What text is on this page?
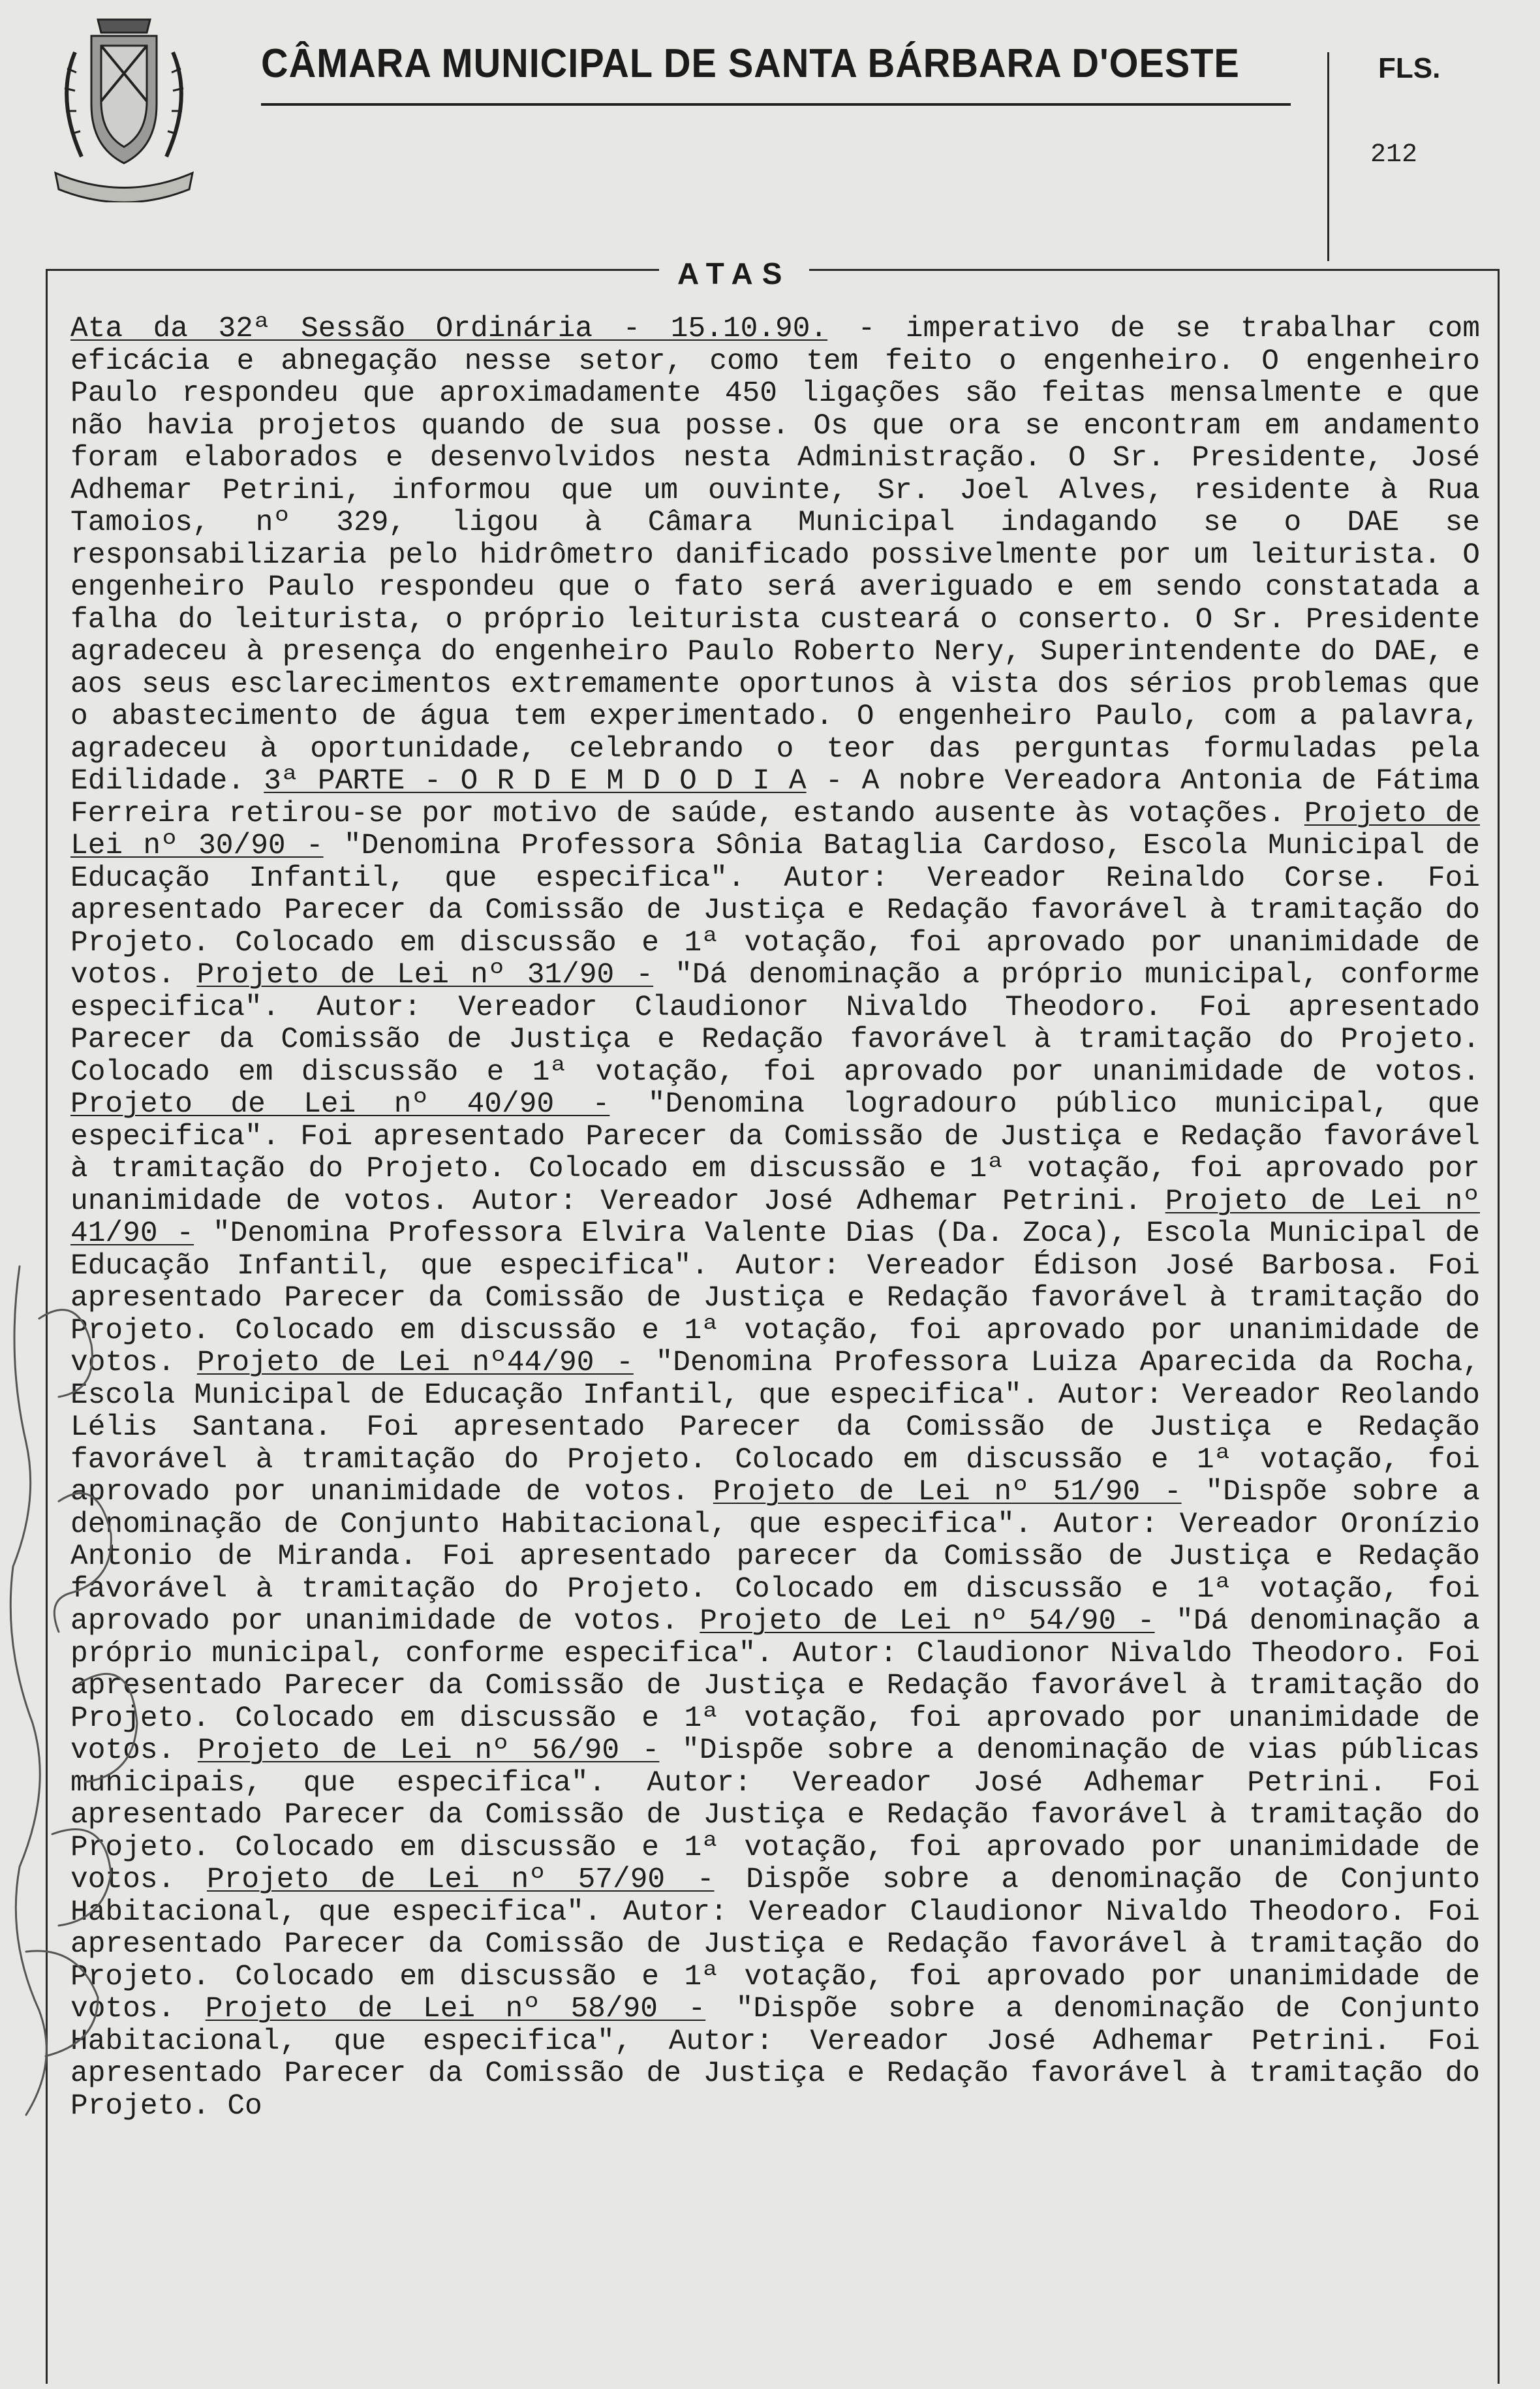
CÂMARA MUNICIPAL DE SANTA BÁRBARA D'OESTE	FLS.
212
ATAS
Ata da 32ª Sessão Ordinária - 15.10.90. - imperativo de se trabalhar com eficácia e abnegação nesse setor, como tem feito o engenheiro. O engenheiro Paulo respondeu que aproximadamente 450 ligações são feitas mensalmente e que não havia projetos quando de sua posse. Os que ora se encontram em andamento foram elaborados e desenvolvidos nesta Administração. O Sr. Presidente, José Adhemar Petrini, informou que um ouvinte, Sr. Joel Alves, residente à Rua Tamoios, nº 329, ligou à Câmara Municipal indagando se o DAE se responsabilizaria pelo hidrômetro danificado possivelmente por um leiturista. O engenheiro Paulo respondeu que o fato será averiguado e em sendo constatada a falha do leiturista, o próprio leiturista custeará o conserto. O Sr. Presidente agradeceu à presença do engenheiro Paulo Roberto Nery, Superintendente do DAE, e aos seus esclarecimentos extremamente oportunos à vista dos sérios problemas que o abastecimento de água tem experimentado. O engenheiro Paulo, com a palavra, agradeceu à oportunidade, celebrando o teor das perguntas formuladas pela Edilidade. 3ª PARTE - O R D E M D O D I A - A nobre Vereadora Antonia de Fátima Ferreira retirou-se por motivo de saúde, estando ausente às votações. Projeto de Lei nº 30/90 - "Denomina Professora Sônia Bataglia Cardoso, Escola Municipal de Educação Infantil, que especifica". Autor: Vereador Reinaldo Corse. Foi apresentado Parecer da Comissão de Justiça e Redação favorável à tramitação do Projeto. Colocado em discussão e 1ª votação, foi aprovado por unanimidade de votos. Projeto de Lei nº 31/90 - "Dá denominação a próprio municipal, conforme especifica". Autor: Vereador Claudionor Nivaldo Theodoro. Foi apresentado Parecer da Comissão de Justiça e Redação favorável à tramitação do Projeto. Colocado em discussão e 1ª votação, foi aprovado por unanimidade de votos. Projeto de Lei nº 40/90 - "Denomina logradouro público municipal, que especifica". Foi apresentado Parecer da Comissão de Justiça e Redação favorável à tramitação do Projeto. Colocado em discussão e 1ª votação, foi aprovado por unanimidade de votos. Autor: Vereador José Adhemar Petrini. Projeto de Lei nº 41/90 - "Denomina Professora Elvira Valente Dias (Da. Zoca), Escola Municipal de Educação Infantil, que especifica". Autor: Vereador Édison José Barbosa. Foi apresentado Parecer da Comissão de Justiça e Redação favorável à tramitação do Projeto. Colocado em discussão e 1ª votação, foi aprovado por unanimidade de votos. Projeto de Lei nº44/90 - "Denomina Professora Luiza Aparecida da Rocha, Escola Municipal de Educação Infantil, que especifica". Autor: Vereador Reolando Lélis Santana. Foi apresentado Parecer da Comissão de Justiça e Redação favorável à tramitação do Projeto. Colocado em discussão e 1ª votação, foi aprovado por unanimidade de votos. Projeto de Lei nº 51/90 - "Dispõe sobre a denominação de Conjunto Habitacional, que especifica". Autor: Vereador Oronízio Antonio de Miranda. Foi apresentado parecer da Comissão de Justiça e Redação favorável à tramitação do Projeto. Colocado em discussão e 1ª votação, foi aprovado por unanimidade de votos. Projeto de Lei nº 54/90 - "Dá denominação a próprio municipal, conforme especifica". Autor: Claudionor Nivaldo Theodoro. Foi apresentado Parecer da Comissão de Justiça e Redação favorável à tramitação do Projeto. Colocado em discussão e 1ª votação, foi aprovado por unanimidade de votos. Projeto de Lei nº 56/90 - "Dispõe sobre a denominação de vias públicas municipais, que especifica". Autor: Vereador José Adhemar Petrini. Foi apresentado Parecer da Comissão de Justiça e Redação favorável à tramitação do Projeto. Colocado em discussão e 1ª votação, foi aprovado por unanimidade de votos. Projeto de Lei nº 57/90 - Dispõe sobre a denominação de Conjunto Habitacional, que especifica". Autor: Vereador Claudionor Nivaldo Theodoro. Foi apresentado Parecer da Comissão de Justiça e Redação favorável à tramitação do Projeto. Colocado em discussão e 1ª votação, foi aprovado por unanimidade de votos. Projeto de Lei nº 58/90 - "Dispõe sobre a denominação de Conjunto Habitacional, que especifica", Autor: Vereador José Adhemar Petrini. Foi apresentado Parecer da Comissão de Justiça e Redação favorável à tramitação do Projeto. Co
